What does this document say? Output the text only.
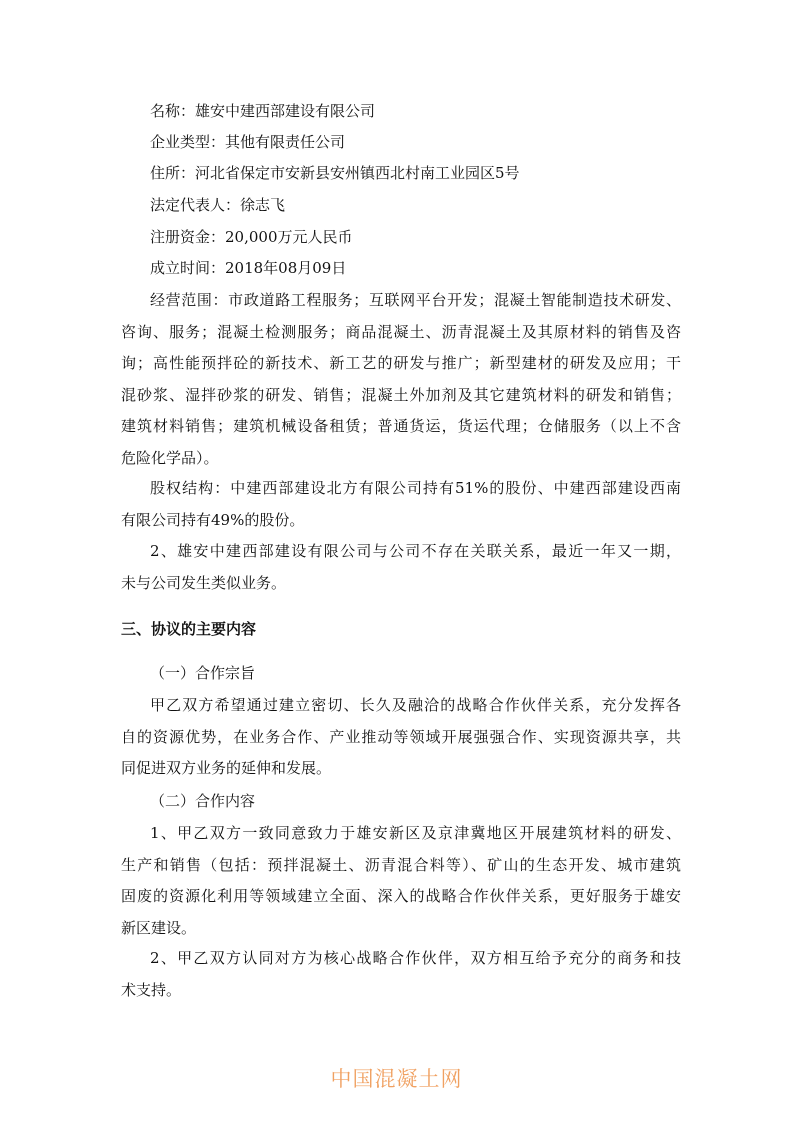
名称：雄安中建西部建设有限公司
企业类型：其他有限责任公司
住所：河北省保定市安新县安州镇西北村南工业园区5号
法定代表人：徐志飞
注册资金：20,000万元人民币
成立时间：2018年08月09日
经营范围：市政道路工程服务；互联网平台开发；混凝土智能制造技术研发、
咨询、服务；混凝土检测服务；商品混凝土、沥青混凝土及其原材料的销售及咨
询；高性能预拌砼的新技术、新工艺的研发与推广；新型建材的研发及应用；干
混砂浆、湿拌砂浆的研发、销售；混凝土外加剂及其它建筑材料的研发和销售；
建筑材料销售；建筑机械设备租赁；普通货运，货运代理；仓储服务（以上不含
危险化学品）。
股权结构：中建西部建设北方有限公司持有51%的股份、中建西部建设西南
有限公司持有49%的股份。
2、雄安中建西部建设有限公司与公司不存在关联关系，最近一年又一期，
未与公司发生类似业务。
三、协议的主要内容
（一）合作宗旨
甲乙双方希望通过建立密切、长久及融洽的战略合作伙伴关系，充分发挥各
自的资源优势，在业务合作、产业推动等领域开展强强合作、实现资源共享，共
同促进双方业务的延伸和发展。
（二）合作内容
1、甲乙双方一致同意致力于雄安新区及京津冀地区开展建筑材料的研发、
生产和销售（包括：预拌混凝土、沥青混合料等）、矿山的生态开发、城市建筑
固废的资源化利用等领域建立全面、深入的战略合作伙伴关系，更好服务于雄安
新区建设。
2、甲乙双方认同对方为核心战略合作伙伴，双方相互给予充分的商务和技
术支持。
中国混凝土网
